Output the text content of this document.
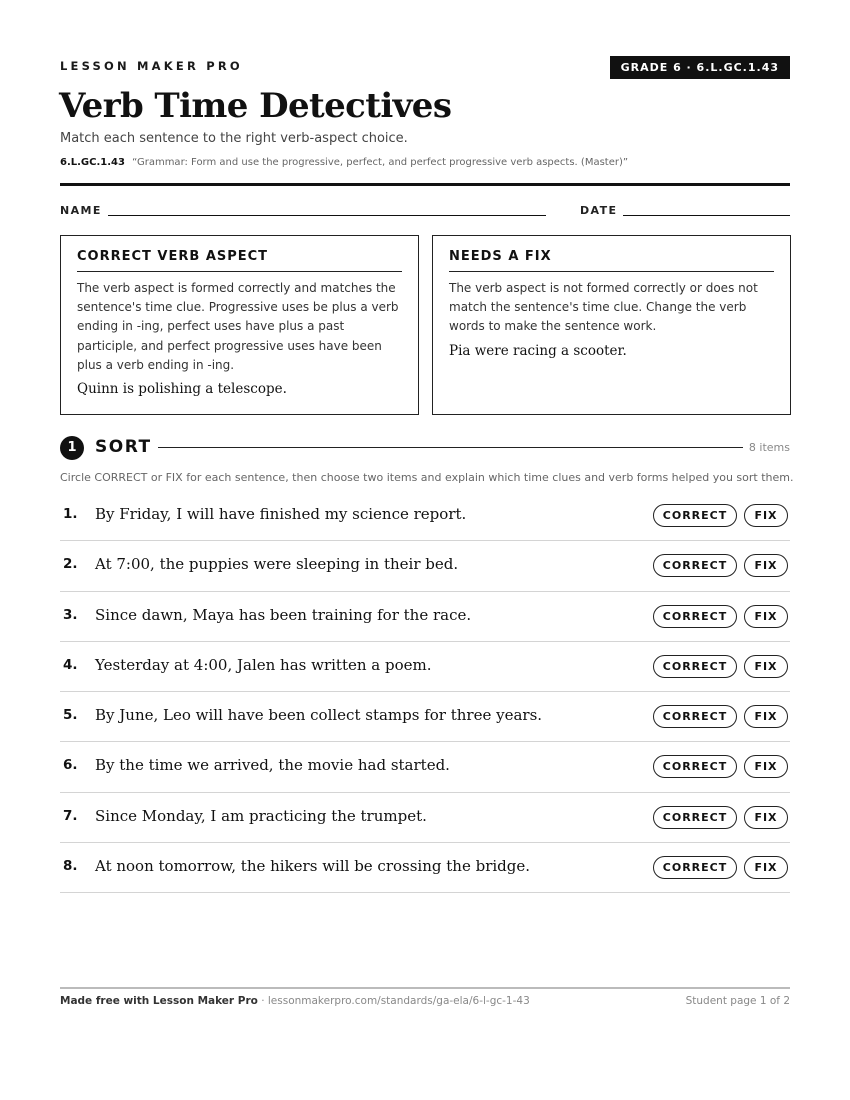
LESSON MAKER PRO	GRADE 6 · 6.L.GC.1.43
Verb Time Detectives
Match each sentence to the right verb-aspect choice.
6.L.GC.1.43 “Grammar: Form and use the progressive, perfect, and perfect progressive verb aspects. (Master)”
NAME	DATE
CORRECT VERB ASPECT
The verb aspect is formed correctly and matches the sentence's time clue. Progressive uses be plus a verb ending in -ing, perfect uses have plus a past participle, and perfect progressive uses have been plus a verb ending in -ing.
Quinn is polishing a telescope.
NEEDS A FIX
The verb aspect is not formed correctly or does not match the sentence's time clue. Change the verb words to make the sentence work.
Pia were racing a scooter.
1	SORT	8 items
Circle CORRECT or FIX for each sentence, then choose two items and explain which time clues and verb forms helped you sort them.
1. By Friday, I will have finished my science report.	CORRECT	FIX
2. At 7:00, the puppies were sleeping in their bed.	CORRECT	FIX
3. Since dawn, Maya has been training for the race.	CORRECT	FIX
4. Yesterday at 4:00, Jalen has written a poem.	CORRECT	FIX
5. By June, Leo will have been collect stamps for three years.	CORRECT	FIX
6. By the time we arrived, the movie had started.	CORRECT	FIX
7. Since Monday, I am practicing the trumpet.	CORRECT	FIX
8. At noon tomorrow, the hikers will be crossing the bridge.	CORRECT	FIX
Made free with Lesson Maker Pro · lessonmakerpro.com/standards/ga-ela/6-l-gc-1-43	Student page 1 of 2
